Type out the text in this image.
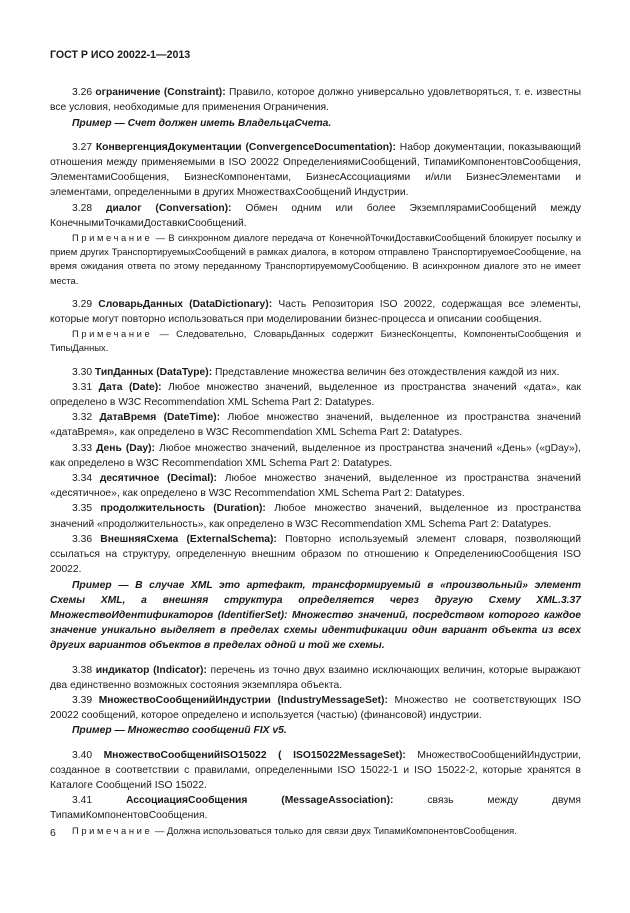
ГОСТ Р ИСО 20022-1—2013

3.26 ограничение (Constraint): Правило, которое должно универсально удовлетворяться, т. е. известны все условия, необходимые для применения Ограничения.

Пример — Счет должен иметь ВладельцаСчета.

3.27 КонвергенцияДокументации (ConvergenceDocumentation): Набор документации, показывающий отношения между применяемыми в ISO 20022 ОпределениямиСообщений, ТипамиКомпонентовСообщения, ЭлементамиСообщения, БизнесКомпонентами, БизнесАссоциациями и/или БизнесЭлементами и элементами, определенными в других МножествахСообщений Индустрии.

3.28 диалог (Conversation): Обмен одним или более ЭкземплярамиСообщений между КонечнымиТочкамиДоставкиСообщений.

Примечание — В синхронном диалоге передача от КонечнойТочкиДоставкиСообщений блокирует посылку и прием других ТранспортируемыхСообщений в рамках диалога, в котором отправлено ТранспортируемоеСообщение, на время ожидания ответа по этому переданному ТранспортируемомуСообщению. В асинхронном диалоге это не имеет места.

3.29 СловарьДанных (DataDictionary): Часть Репозитория ISO 20022, содержащая все элементы, которые могут повторно использоваться при моделировании бизнес-процесса и описании сообщения.

Примечание — Следовательно, СловарьДанных содержит БизнесКонцепты, КомпонентыСообщения и ТипыДанных.

3.30 ТипДанных (DataType): Представление множества величин без отождествления каждой из них.

3.31 Дата (Date): Любое множество значений, выделенное из пространства значений «дата», как определено в W3C Recommendation XML Schema Part 2: Datatypes.

3.32 ДатаВремя (DateTime): Любое множество значений, выделенное из пространства значений «датаВремя», как определено в W3C Recommendation XML Schema Part 2: Datatypes.

3.33 День (Day): Любое множество значений, выделенное из пространства значений «День» («gDay»), как определено в W3C Recommendation XML Schema Part 2: Datatypes.

3.34 десятичное (Decimal): Любое множество значений, выделенное из пространства значений «десятичное», как определено в W3C Recommendation XML Schema Part 2: Datatypes.

3.35 продолжительность (Duration): Любое множество значений, выделенное из пространства значений «продолжительность», как определено в W3C Recommendation XML Schema Part 2: Datatypes.

3.36 ВнешняяСхема (ExternalSchema): Повторно используемый элемент словаря, позволяющий ссылаться на структуру, определенную внешним образом по отношению к ОпределениюСообщения ISO 20022.

Пример — В случае XML это артефакт, трансформируемый в «произвольный» элемент Схемы XML, а внешняя структура определяется через другую Схему XML.3.37 МножествоИдентификаторов (IdentifierSet): Множество значений, посредством которого каждое значение уникально выделяет в пределах схемы идентификации один вариант объекта из всех других вариантов объектов в пределах одной и той же схемы.

3.38 индикатор (Indicator): перечень из точно двух взаимно исключающих величин, которые выражают два единственно возможных состояния экземпляра объекта.

3.39 МножествоСообщенийИндустрии (IndustryMessageSet): Множество не соответствующих ISO 20022 сообщений, которое определено и используется (частью) (финансовой) индустрии.

Пример — Множество сообщений FIX v5.

3.40 МножествоСообщенийISO15022 ( ISO15022MessageSet): МножествоСообщенийИндустрии, созданное в соответствии с правилами, определенными ISO 15022-1 и ISO 15022-2, которые хранятся в Каталоге Сообщений ISO 15022.

3.41	АссоциацияСообщения (MessageAssociation):	связь между двумя ТипамиКомпонентовСообщения.

Примечание — Должна использоваться только для связи двух ТипамиКомпонентовСообщения.

6
